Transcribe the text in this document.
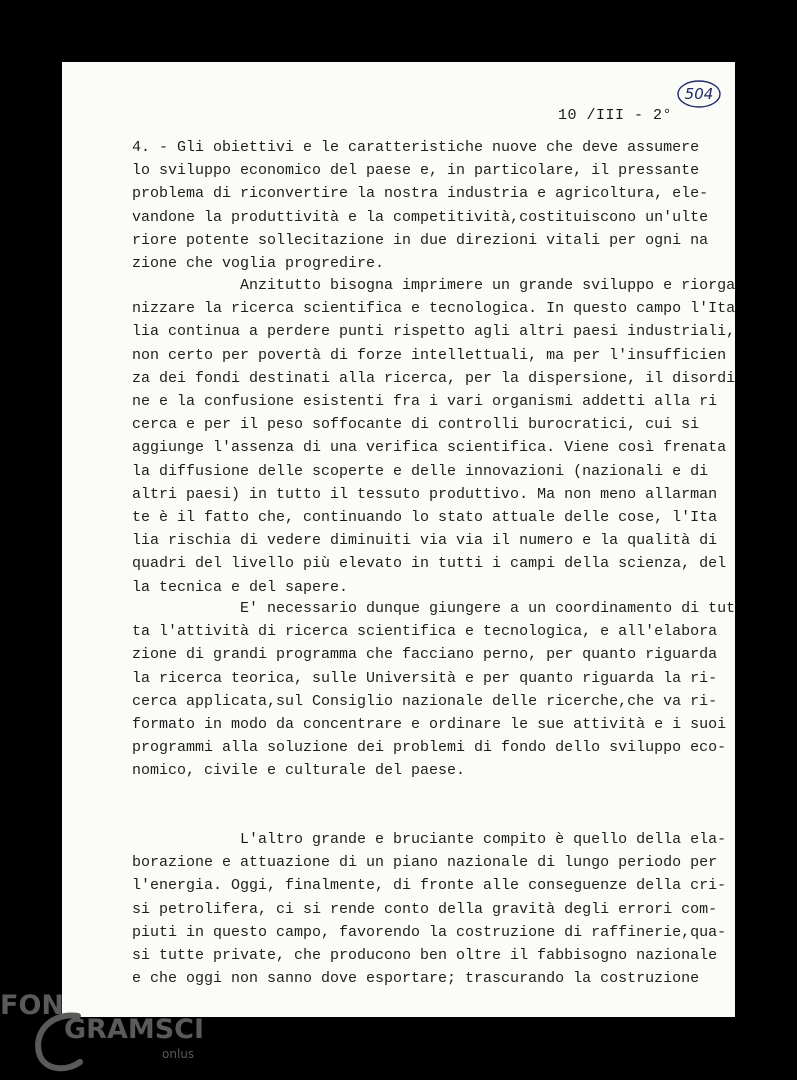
10 /III - 2°
504

4. - Gli obiettivi e le caratteristiche nuove che deve assumere
lo sviluppo economico del paese e, in particolare, il pressante
problema di riconvertire la nostra industria e agricoltura, ele-
vandone la produttività e la competitività,costituiscono un'ulte
riore potente sollecitazione in due direzioni vitali per ogni na
zione che voglia progredire.

Anzitutto bisogna imprimere un grande sviluppo e
nizzare la ricerca scientifica e tecnologica. In questo campo
lia continua a perdere punti rispetto agli altri paesi industriali,
non certo per povertà di forze intellettuali, ma per l'insufficien
za dei fondi destinati alla ricerca, per la dispersione, il
ne e la confusione esistenti fra i vari organismi addetti alla
cerca e per il peso soffocante di controlli burocratici, cui si
aggiunge l'assenza di una verifica scientifica. Viene così frenata
la diffusione delle scoperte e delle innovazioni (nazionali e di
altri paesi) in tutto il tessuto produttivo. Ma non meno allarman
te è il fatto che, continuando lo stato attuale delle cose, l'Ita
lia rischia di vedere diminuiti via via il numero e la qualità
quadri del livello più elevato in tutti i campi della scienza,
la tecnica e del sapere.

E' necessario dunque giungere a un coordinamento di
ta l'attività di ricerca scientifica e tecnologica, e all'elabora
zione di grandi programma che facciano perno, per quanto riguarda
la ricerca teorica, sulle Università e per quanto riguarda la
cerca applicata,sul Consiglio nazionale delle ricerche,che va
formato in modo da concentrare e ordinare le sue attività e i
programmi alla soluzione dei problemi di fondo dello sviluppo
nomico, civile e culturale del paese.

L'altro grande e bruciante compito è quello della
borazione e attuazione di un piano nazionale di lungo periodo
l'energia. Oggi, finalmente, di fronte alle conseguenze della
si petrolifera, ci si rende conto della gravità degli errori com-
piuti in questo campo, favorendo la costruzione di raffinerie,qua-
si tutte private, che producono ben oltre il fabbisogno nazionale
e che oggi non sanno dove esportare; trascurando la costruzione

FON
GRAMSCI
onlus
